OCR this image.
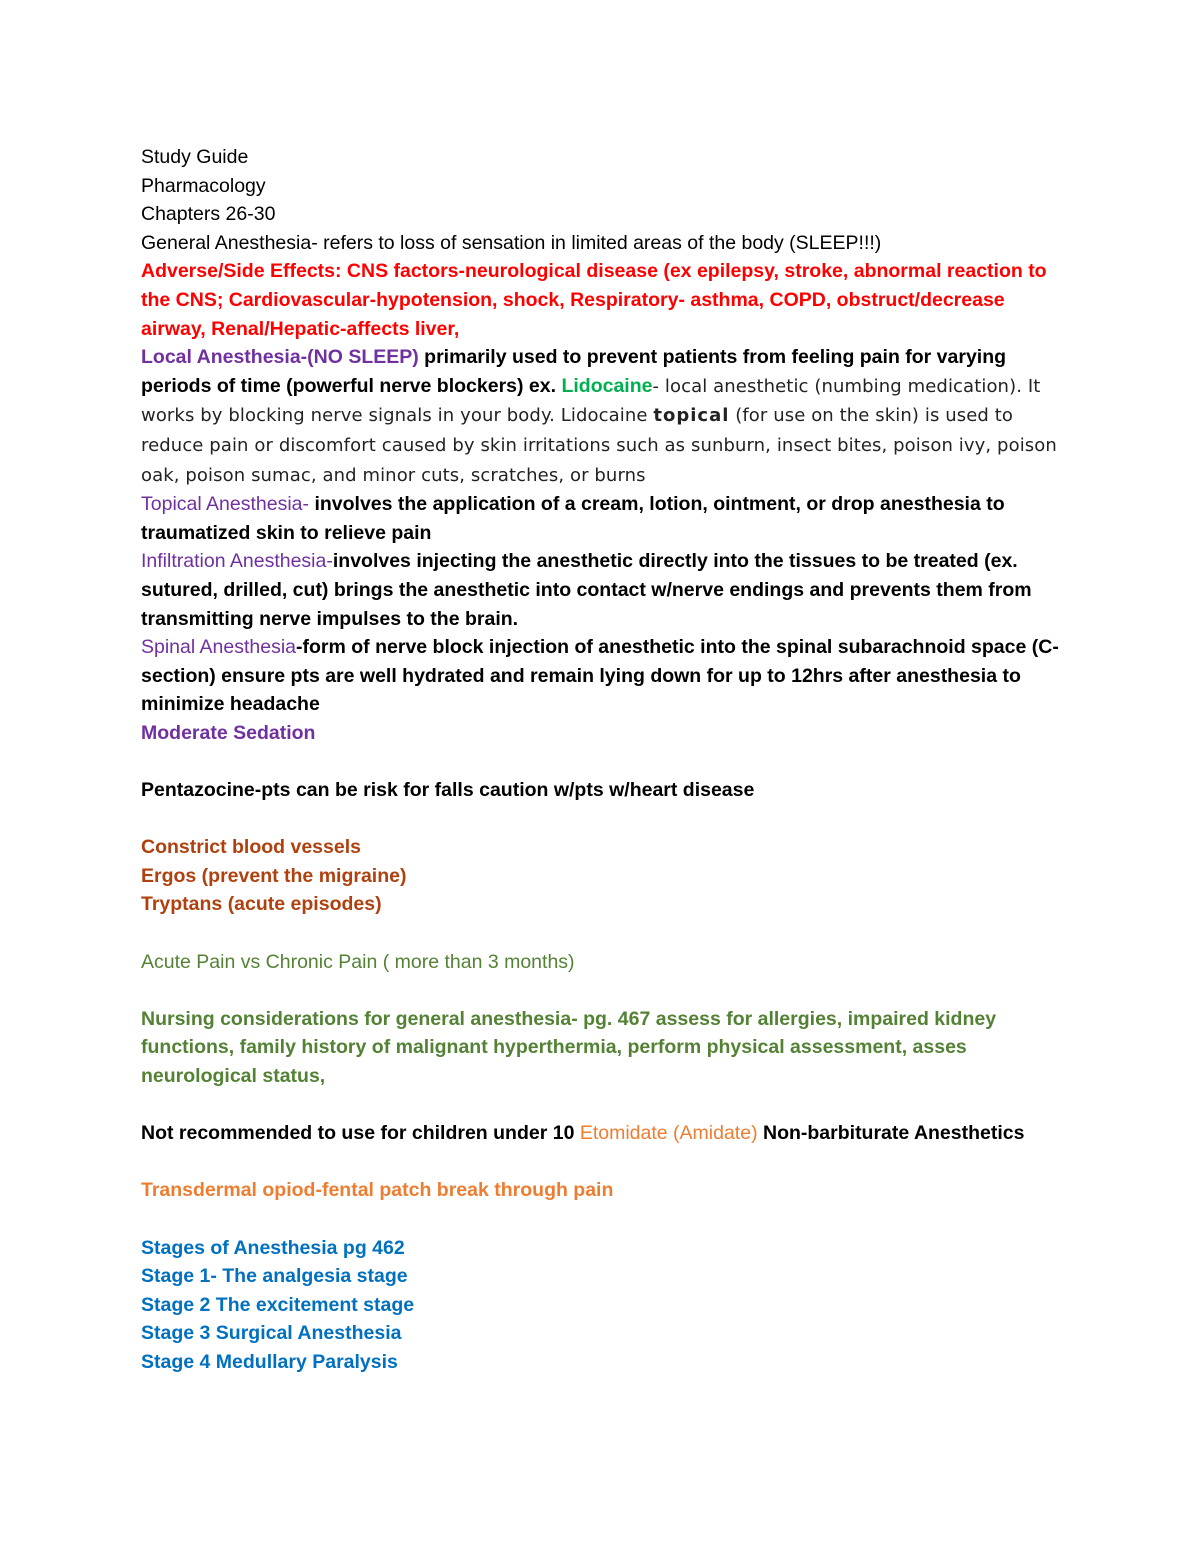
Study Guide

Pharmacology

Chapters 26-30

General Anesthesia- refers to loss of sensation in limited areas of the body (SLEEP!!!)

Adverse/Side Effects: CNS factors-neurological disease (ex epilepsy, stroke, abnormal reaction to the CNS; Cardiovascular-hypotension, shock, Respiratory- asthma, COPD, obstruct/decrease airway, Renal/Hepatic-affects liver,

Local Anesthesia-(NO SLEEP) primarily used to prevent patients from feeling pain for varying periods of time (powerful nerve blockers) ex. Lidocaine- local anesthetic (numbing medication). It works by blocking nerve signals in your body. Lidocaine topical (for use on the skin) is used to reduce pain or discomfort caused by skin irritations such as sunburn, insect bites, poison ivy, poison oak, poison sumac, and minor cuts, scratches, or burns

Topical Anesthesia- involves the application of a cream, lotion, ointment, or drop anesthesia to traumatized skin to relieve pain

Infiltration Anesthesia-involves injecting the anesthetic directly into the tissues to be treated (ex. sutured, drilled, cut) brings the anesthetic into contact w/nerve endings and prevents them from transmitting nerve impulses to the brain.

Spinal Anesthesia-form of nerve block injection of anesthetic into the spinal subarachnoid space (C-section) ensure pts are well hydrated and remain lying down for up to 12hrs after anesthesia to minimize headache

Moderate Sedation

Pentazocine-pts can be risk for falls caution w/pts w/heart disease

Constrict blood vessels

Ergos (prevent the migraine)

Tryptans (acute episodes)

Acute Pain vs Chronic Pain ( more than 3 months)

Nursing considerations for general anesthesia- pg. 467 assess for allergies, impaired kidney functions, family history of malignant hyperthermia, perform physical assessment, asses neurological status,

Not recommended to use for children under 10 Etomidate (Amidate) Non-barbiturate Anesthetics

Transdermal opiod-fental patch break through pain

Stages of Anesthesia pg 462

Stage 1- The analgesia stage

Stage 2 The excitement stage

Stage 3 Surgical Anesthesia

Stage 4 Medullary Paralysis
